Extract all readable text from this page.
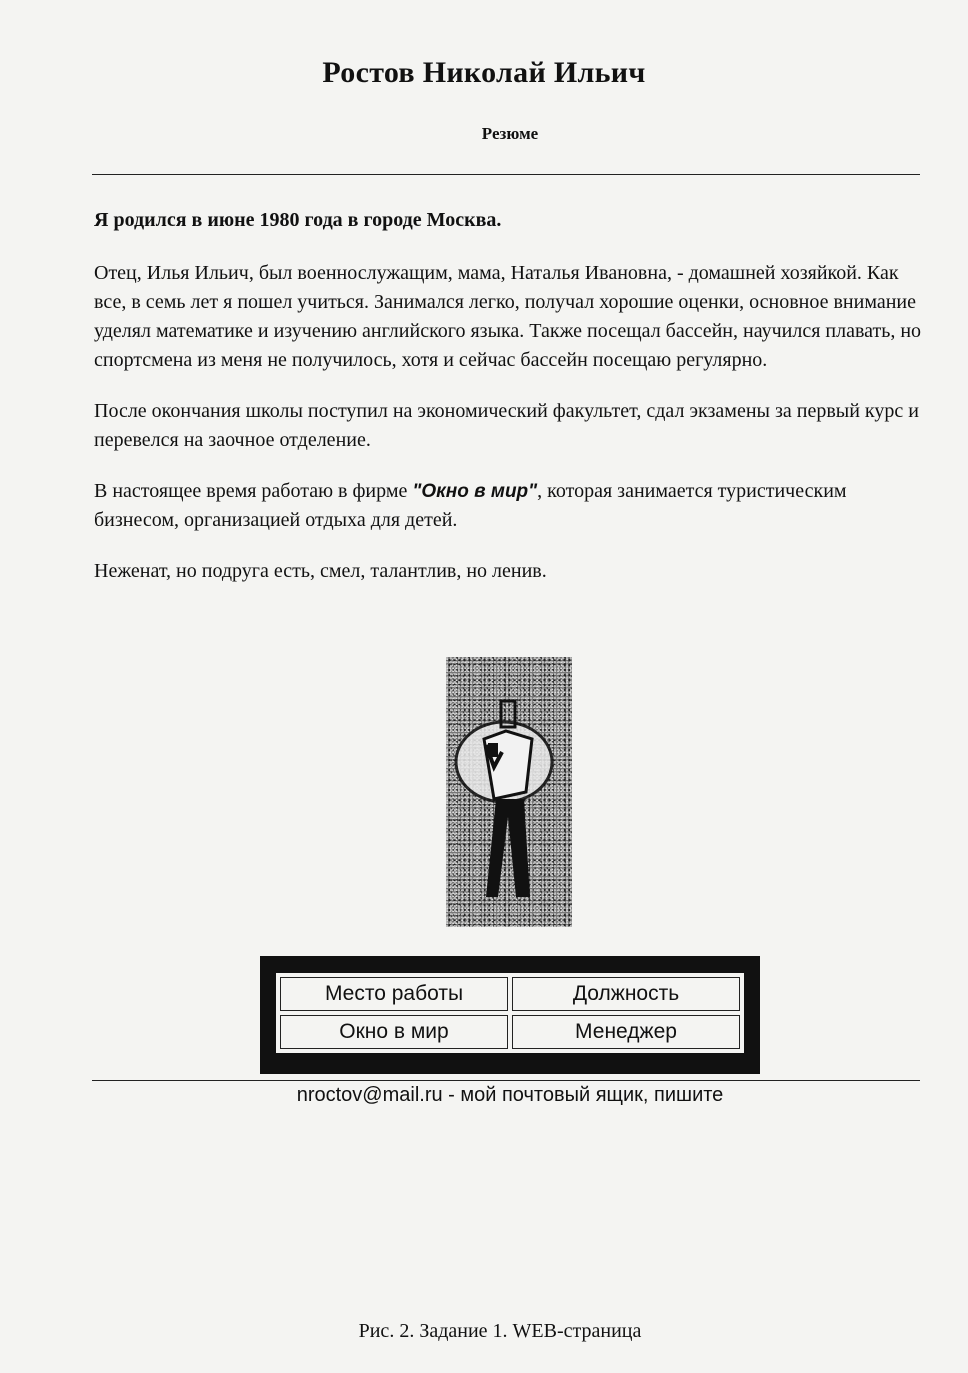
Ростов Николай Ильич
Резюме

Я родился в июне 1980 года в городе Москва.

Отец, Илья Ильич, был военнослужащим, мама, Наталья Ивановна, - домашней хозяйкой. Как все, в семь лет я пошел учиться. Занимался легко, получал хорошие оценки, основное внимание уделял математике и изучению английского языка. Также посещал бассейн, научился плавать, но спортсмена из меня не получилось, хотя и сейчас бассейн посещаю регулярно.

После окончания школы поступил на экономический факультет, сдал экзамены за первый курс и перевелся на заочное отделение.

В настоящее время работаю в фирме "Окно в мир", которая занимается туристическим бизнесом, организацией отдыха для детей.

Неженат, но подруга есть, смел, талантлив, но ленив.

Место работы	Должность
Окно в мир	Менеджер
nroctov@mail.ru - мой почтовый ящик, пишите
Рис. 2. Задание 1. WEB-страница
